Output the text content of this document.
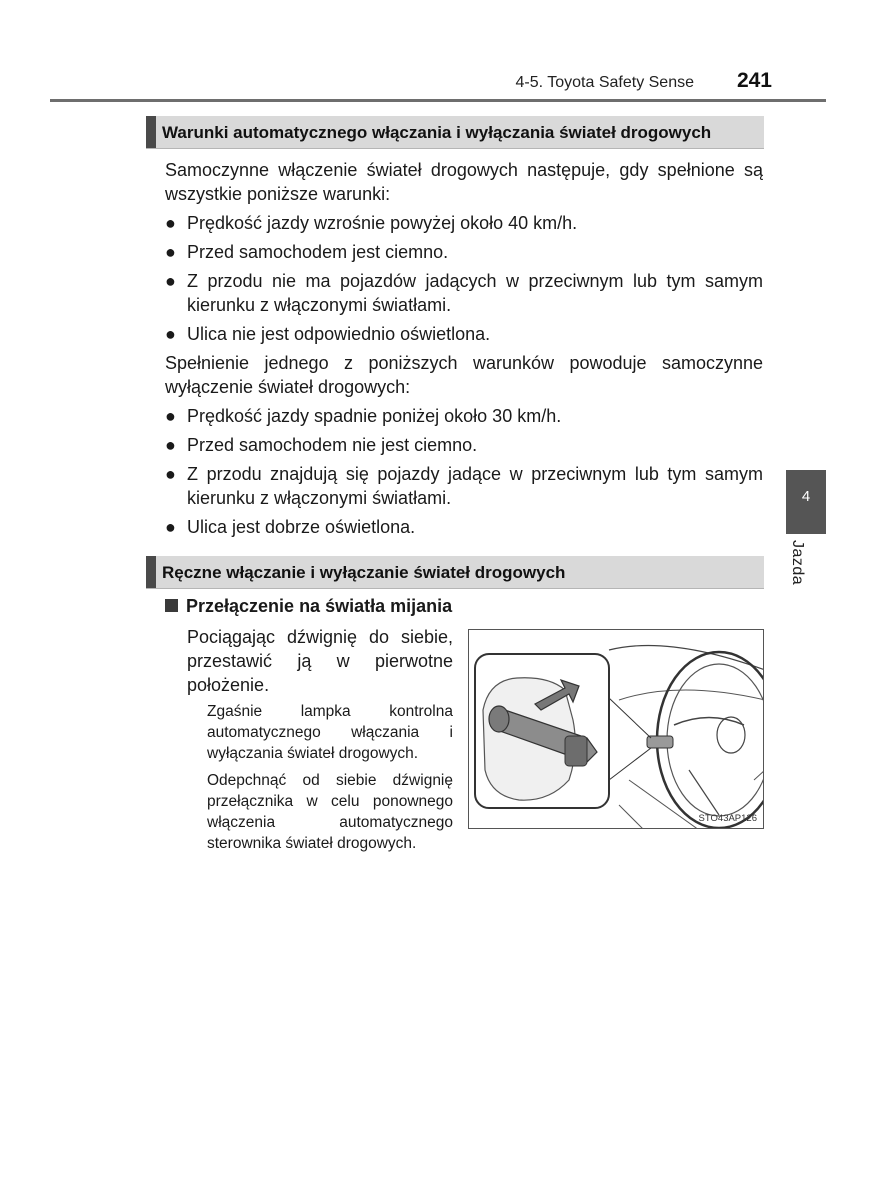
4-5. Toyota Safety Sense 241
Warunki automatycznego włączania i wyłączania świateł drogowych
Samoczynne włączenie świateł drogowych następuje, gdy spełnione są wszystkie poniższe warunki:
● Prędkość jazdy wzrośnie powyżej około 40 km/h.
● Przed samochodem jest ciemno.
● Z przodu nie ma pojazdów jadących w przeciwnym lub tym samym kierunku z włączonymi światłami.
● Ulica nie jest odpowiednio oświetlona.
Spełnienie jednego z poniższych warunków powoduje samoczynne wyłączenie świateł drogowych:
● Prędkość jazdy spadnie poniżej około 30 km/h.
● Przed samochodem nie jest ciemno.
● Z przodu znajdują się pojazdy jadące w przeciwnym lub tym samym kierunku z włączonymi światłami.
● Ulica jest dobrze oświetlona.
Ręczne włączanie i wyłączanie świateł drogowych
Przełączenie na światła mijania
Pociągając dźwignię do siebie, przestawić ją w pierwotne położenie.
Zgaśnie lampka kontrolna automatycznego włączania i wyłączania świateł drogowych.
Odepchnąć od siebie dźwignię przełącznika w celu ponownego włączenia automatycznego sterownika świateł drogowych.
STO43AP126
4
Jazda
